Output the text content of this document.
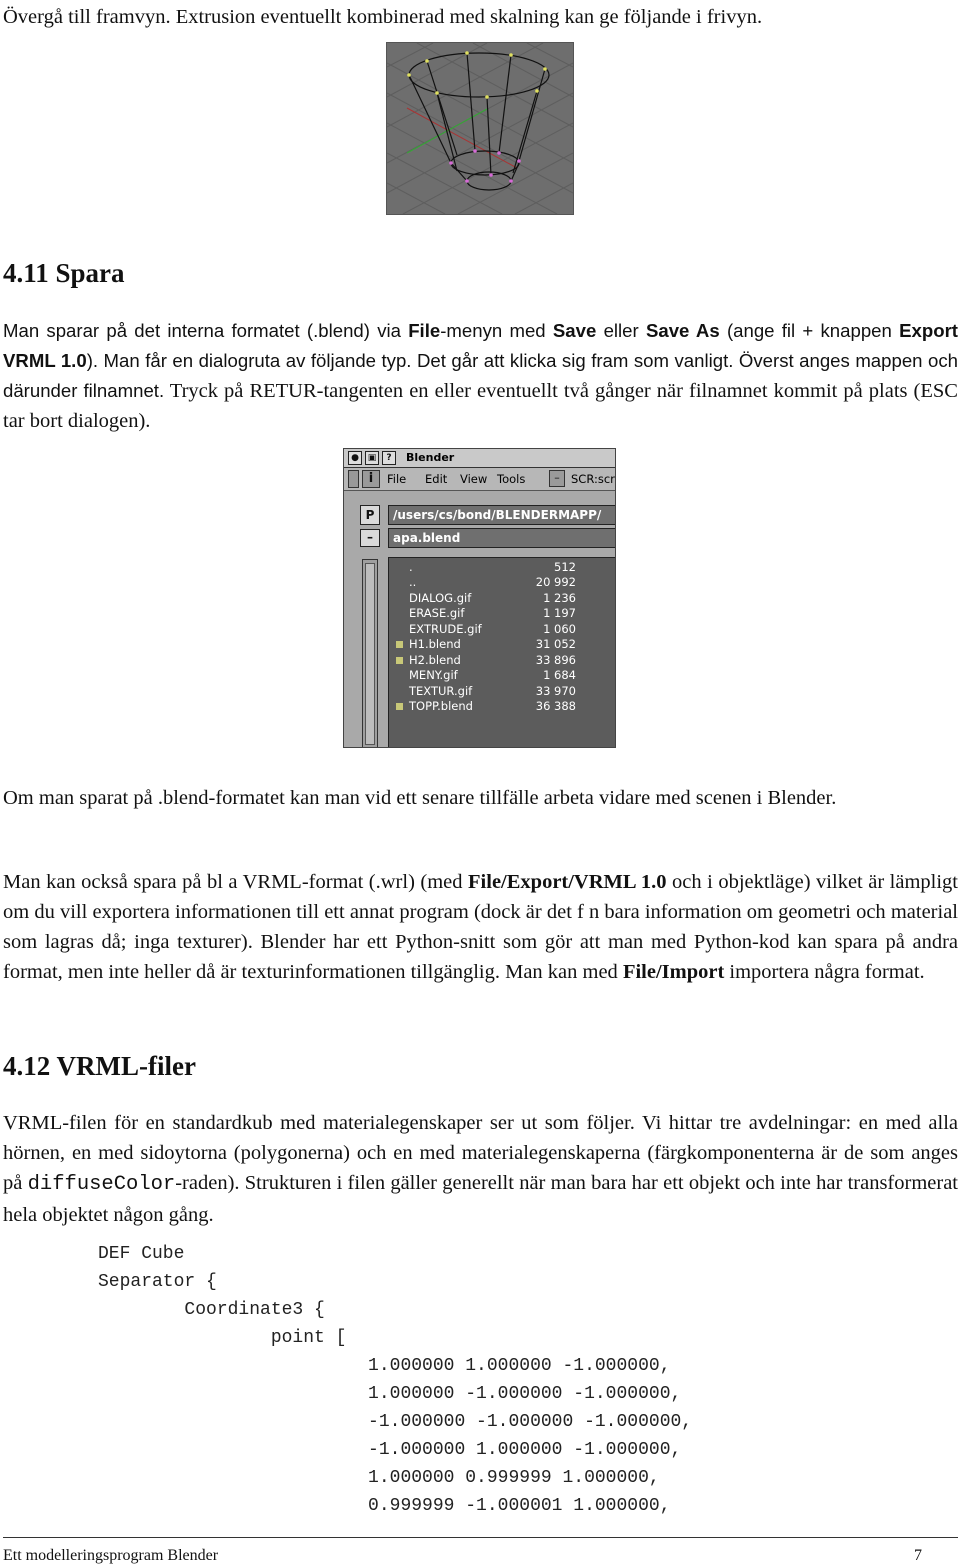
Övergå till framvyn. Extrusion eventuellt kombinerad med skalning kan ge följande i frivyn.

4.11 Spara

Man sparar på det interna formatet (.blend) via File-menyn med Save eller Save As (ange fil + knappen Export VRML 1.0). Man får en dialogruta av följande typ. Det går att klicka sig fram som vanligt. Överst anges mappen och därunder filnamnet. Tryck på RETUR-tangenten en eller eventuellt två gånger när filnamnet kommit på plats (ESC tar bort dialogen).

● ▣	?	Blender
i	File Edit View Tools	– SCR:scr
P	/users/cs/bond/BLENDERMAPP/
–	apa.blend
.	512
..	20 992
DIALOG.gif	1 236
ERASE.gif	1 197
EXTRUDE.gif	1 060
H1.blend	31 052
H2.blend	33 896
MENY.gif	1 684
TEXTUR.gif	33 970
TOPP.blend	36 388

Om man sparat på .blend-formatet kan man vid ett senare tillfälle arbeta vidare med scenen i Blender.

Man kan också spara på bl a VRML-format (.wrl) (med File/Export/VRML 1.0 och i objektläge) vilket är lämpligt om du vill exportera informationen till ett annat program (dock är det f n bara information om geometri och material som lagras då; inga texturer). Blender har ett Python-snitt som gör att man med Python-kod kan spara på andra format, men inte heller då är texturinformationen tillgänglig. Man kan med File/Import importera några format.

4.12 VRML-filer

VRML-filen för en standardkub med materialegenskaper ser ut som följer. Vi hittar tre avdelningar: en med alla hörnen, en med sidoytorna (polygonerna) och en med materialegenskaperna (färgkomponenterna är de som anges på diffuseColor-raden). Strukturen i filen gäller generellt när man bara har ett objekt och inte har transformerat hela objektet någon gång.

DEF Cube
Separator {
Coordinate3 {
point [
1.000000 1.000000 -1.000000,
1.000000 -1.000000 -1.000000,
-1.000000 -1.000000 -1.000000,
-1.000000 1.000000 -1.000000,
1.000000 0.999999 1.000000,
0.999999 -1.000001 1.000000,
Ett modelleringsprogram Blender	7
